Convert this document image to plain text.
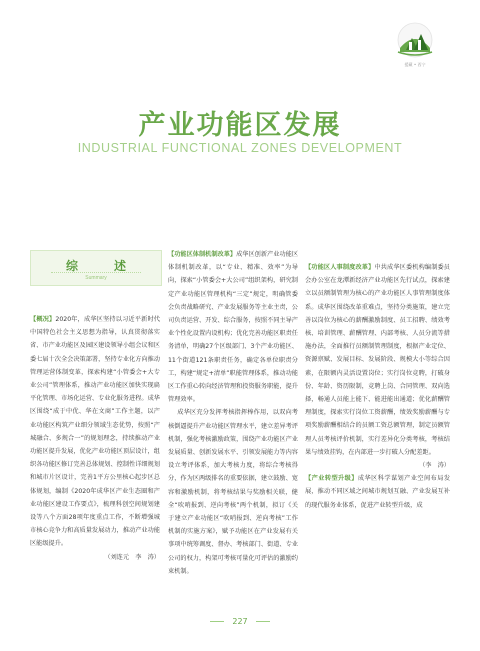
援藏 • 西宁
产业功能区发展
INDUSTRIAL FUNCTIONAL ZONES DEVELOPMENT
综　述
Summary

【概况】2020年，成华区坚持以习近平新时代中国特色社会主义思想为指导，认真贯彻落实省、市产业功能区及园区建设领导小组会议和区委七届十次全会决策部署，坚持专业化方向推动管理运营体制变革，探索构建“小管委会+大专业公司”管理体系，推动产业功能区加快实现扁平化管理、市场化运营、专业化服务进程。成华区围绕“成于中优、华在文商”工作主题，以产业功能区构筑产业细分领域生态优势，按照“产城融合、多规合一”的规划理念，持续推动产业功能区提升发展，优化产业功能区顶层设计，组织各功能区修订完善总体规划、控制性详细规划和城市片区设计，完善1平方公里核心起步区总体规划，编制《2020年成华区产业生态圈和产业功能区建设工作要点》，梳理科创空间规划建设等八个方面28项年度重点工作，不断增强城市核心竞争力和高质量发展动力，推动产业功能区能级提升。

（刘连元　李　涛）

【功能区体制机制改革】成华区创新产业功能区体制机制改革，以“专业、精准、效率”为导向，探索“小管委会+大公司”组织架构，研究制定产业功能区管理机构“三定”规定，明确管委会负责战略研究、产业发展服务等主业主责，公司负责运营、开发、综合服务，按照不同主导产业个性化设置内设机构；优化完善功能区职责任务清单，明确27个区级部门、3个产业功能区、11个街道121条职责任务，确定各单位职责分工，构建“规定+清单”职能管理体系，推动功能区工作重心转向经济管理和投资服务职能，提升管理效率。

成华区充分发挥考核指挥棒作用，以双向考核倒逼提升产业功能区管理水平，建立差异考评机制，强化考核激励政策，围绕产业功能区产业发展质量、创新发展水平、引领发展能力等内容设立考评体系，加大考核力度，将综合考核得分，作为区两级排名的重要依据，建立鼓励、宽容和激励机制，将考核结果与奖励相关联，健全“吹哨报到、逆向考核”两个机制，拟订《关于建立产业功能区“吹哨报到、逆向考核”工作机制的实施方案》，赋予功能区在产业发展有关事项中统筹调度、督办、考核部门、街道、专业公司的权力，构架可考核可量化可评估的激励约束机制。

【功能区人事制度改革】中共成华区委机构编制委员会办公室在龙潭新经济产业功能区先行试点，探索建立以员额制管理为核心的产业功能区人事管理制度体系。成华区围绕改革重难点，坚持分类施策，建立完善以岗位为核心的薪酬激励制度、员工招聘、绩效考核、培训管理、薪酬管理、内部考核、人员分流等措施办法，全面推行员额制管理制度，根据产业定位、资源禀赋、发展目标、发展阶段、规模大小等综合因素，在限额内灵活设置岗位；实行岗位竞聘，打破身份、年龄、资历限制，竞聘上岗、合同管理、双向选择，畅通人员能上能下、能进能出通道；优化薪酬管理制度，探索实行岗位工资薪酬，绩效奖励薪酬与专项奖励薪酬相结合的员额工资总额管理，制定员额管理人员考核评价机制，实行差异化分类考核，考核结果与绩效挂钩，在内部进一步打破人分配差距。

（李　涛）

【产业转型升级】成华区科学谋划产业空间布局发展，推动不同区域之间城市规划互融、产业发展互补的现代服务业体系，促进产业转型升级，成

227
